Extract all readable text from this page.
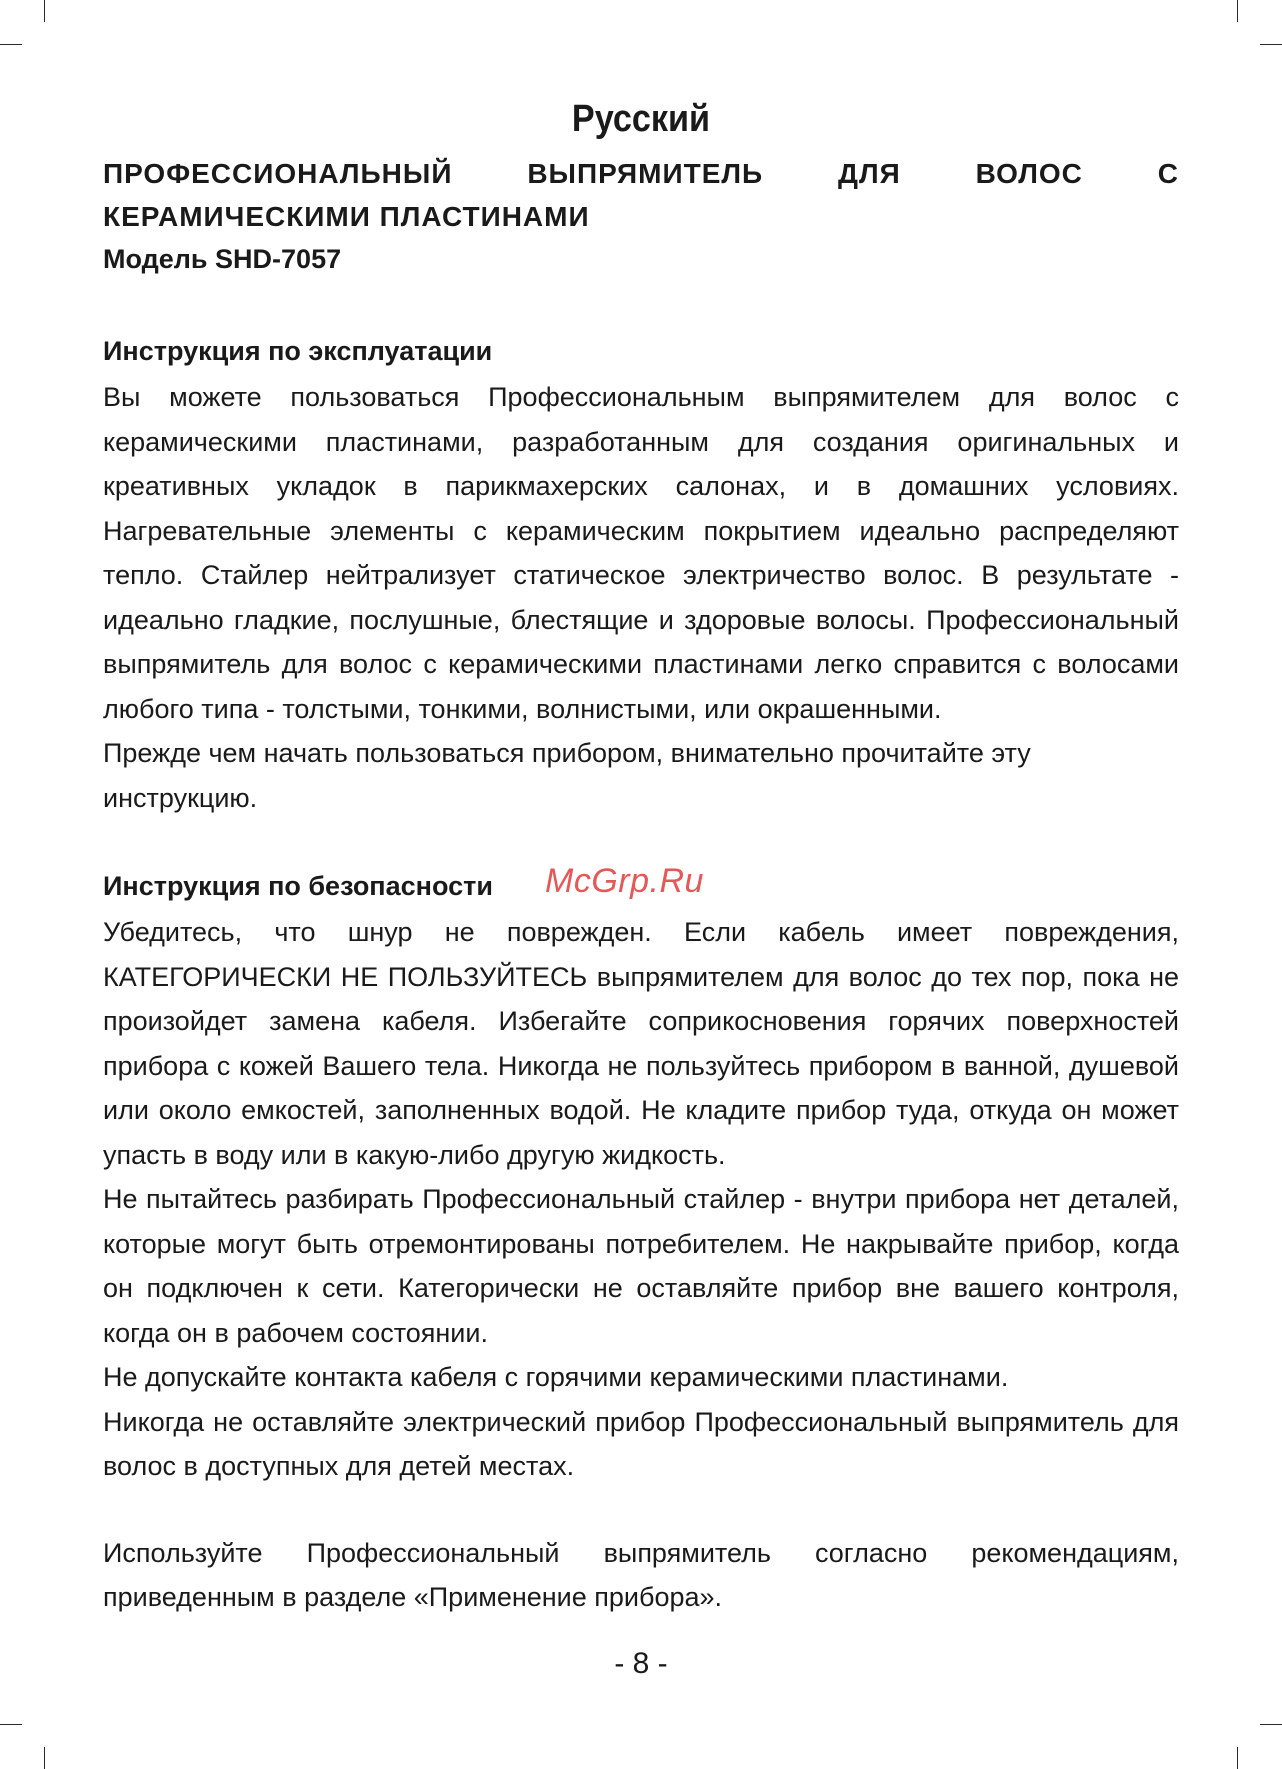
Русский
ПРОФЕССИОНАЛЬНЫЙ ВЫПРЯМИТЕЛЬ ДЛЯ ВОЛОС С КЕРАМИЧЕСКИМИ ПЛАСТИНАМИ
Модель SHD-7057
Инструкция по эксплуатации

Вы можете пользоваться Профессиональным выпрямителем для волос с керамическими пластинами, разработанным для создания оригинальных и креативных укладок в парикмахерских салонах, и в домашних условиях. Нагревательные элементы с керамическим покрытием идеально распределяют тепло. Стайлер нейтрализует статическое электричество волос. В результате - идеально гладкие, послушные, блестящие и здоровые волосы. Профессиональный выпрямитель для волос с керамическими пластинами легко справится с волосами любого типа - толстыми, тонкими, волнистыми, или окрашенными.

Прежде чем начать пользоваться прибором, внимательно прочитайте эту инструкцию.

Инструкция по безопасности

Убедитесь, что шнур не поврежден. Если кабель имеет повреждения, КАТЕГОРИЧЕСКИ НЕ ПОЛЬЗУЙТЕСЬ выпрямителем для волос до тех пор, пока не произойдет замена кабеля. Избегайте соприкосновения горячих поверхностей прибора с кожей Вашего тела. Никогда не пользуйтесь прибором в ванной, душевой или около емкостей, заполненных водой. Не кладите прибор туда, откуда он может упасть в воду или в какую-либо другую жидкость.

Не пытайтесь разбирать Профессиональный стайлер - внутри прибора нет деталей, которые могут быть отремонтированы потребителем. Не накрывайте прибор, когда он подключен к сети. Категорически не оставляйте прибор вне вашего контроля, когда он в рабочем состоянии.

Не допускайте контакта кабеля с горячими керамическими пластинами.

Никогда не оставляйте электрический прибор Профессиональный выпрямитель для волос в доступных для детей местах.

Используйте Профессиональный выпрямитель согласно рекомендациям, приведенным в разделе «Применение прибора».

McGrp.Ru
- 8 -
